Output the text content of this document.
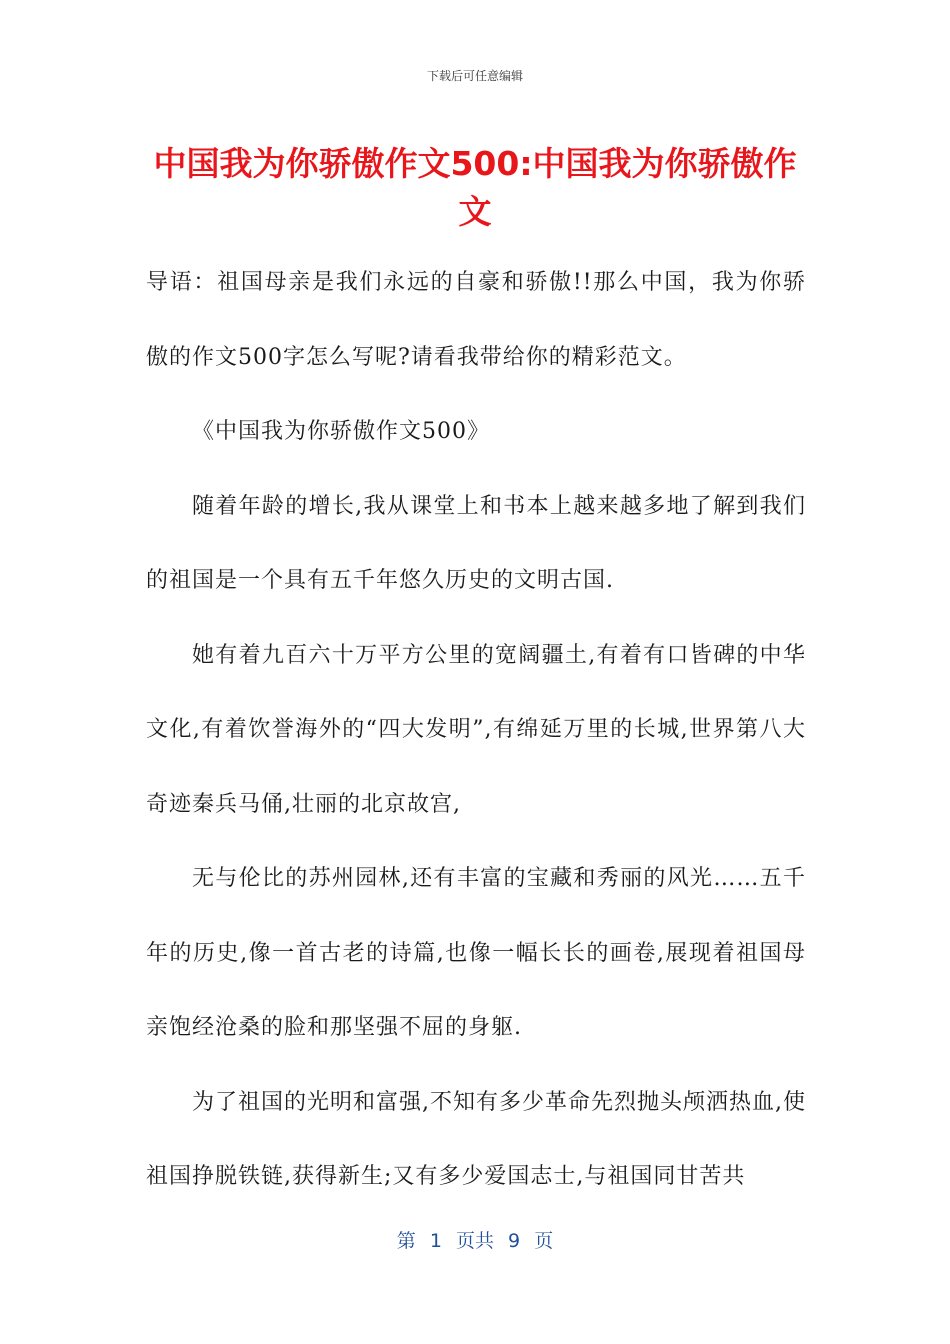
下载后可任意编辑
中国我为你骄傲作文500:中国我为你骄傲作文

导语：祖国母亲是我们永远的自豪和骄傲!!那么中国，我为你骄傲的作文500字怎么写呢?请看我带给你的精彩范文。

《中国我为你骄傲作文500》

随着年龄的增长,我从课堂上和书本上越来越多地了解到我们的祖国是一个具有五千年悠久历史的文明古国.

她有着九百六十万平方公里的宽阔疆土,有着有口皆碑的中华文化,有着饮誉海外的“四大发明”,有绵延万里的长城,世界第八大奇迹秦兵马俑,壮丽的北京故宫,

无与伦比的苏州园林,还有丰富的宝藏和秀丽的风光……五千年的历史,像一首古老的诗篇,也像一幅长长的画卷,展现着祖国母亲饱经沧桑的脸和那坚强不屈的身躯.

为了祖国的光明和富强,不知有多少革命先烈抛头颅洒热血,使祖国挣脱铁链,获得新生;又有多少爱国志士,与祖国同甘苦共

第 1 页共 9 页
